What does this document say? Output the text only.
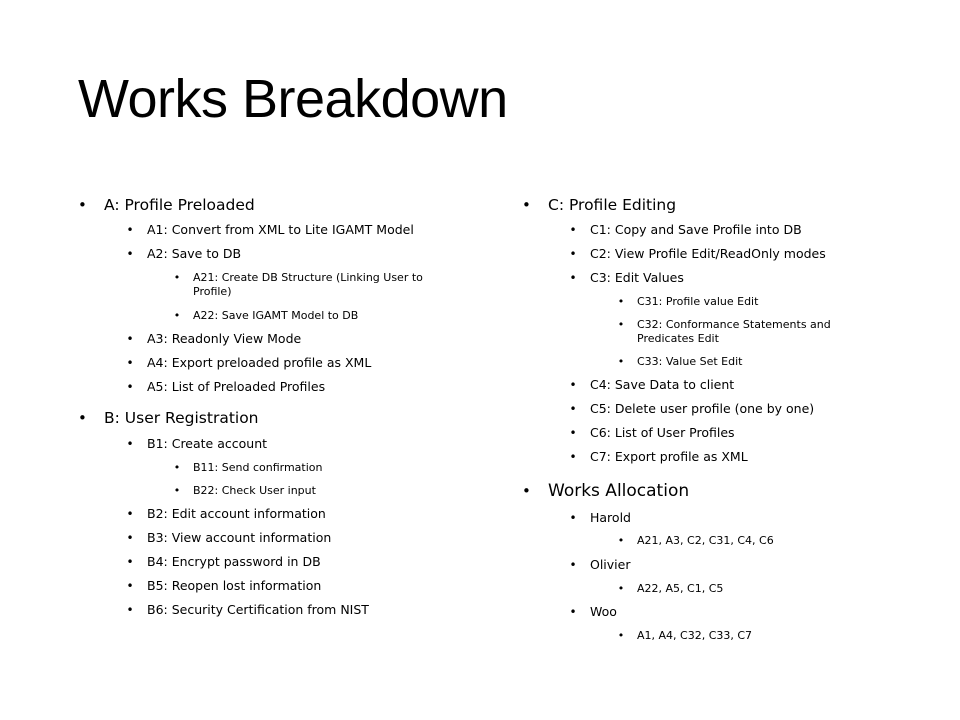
Works Breakdown
• A: Profile Preloaded
• A1: Convert from XML to Lite IGAMT Model
• A2: Save to DB
• A21: Create DB Structure (Linking User to Profile)
• A22: Save IGAMT Model to DB
• A3: Readonly View Mode
• A4: Export preloaded profile as XML
• A5: List of Preloaded Profiles
• B: User Registration
• B1: Create account
• B11: Send confirmation
• B22: Check User input
• B2: Edit account information
• B3: View account information
• B4: Encrypt password in DB
• B5: Reopen lost information
• B6: Security Certification from NIST
• C: Profile Editing
• C1: Copy and Save Profile into DB
• C2: View Profile Edit/ReadOnly modes
• C3: Edit Values
• C31: Profile value Edit
• C32: Conformance Statements and Predicates Edit
• C33: Value Set Edit
• C4: Save Data to client
• C5: Delete user profile (one by one)
• C6: List of User Profiles
• C7: Export profile as XML
• Works Allocation
• Harold
• A21, A3, C2, C31, C4, C6
• Olivier
• A22, A5, C1, C5
• Woo
• A1, A4, C32, C33, C7
